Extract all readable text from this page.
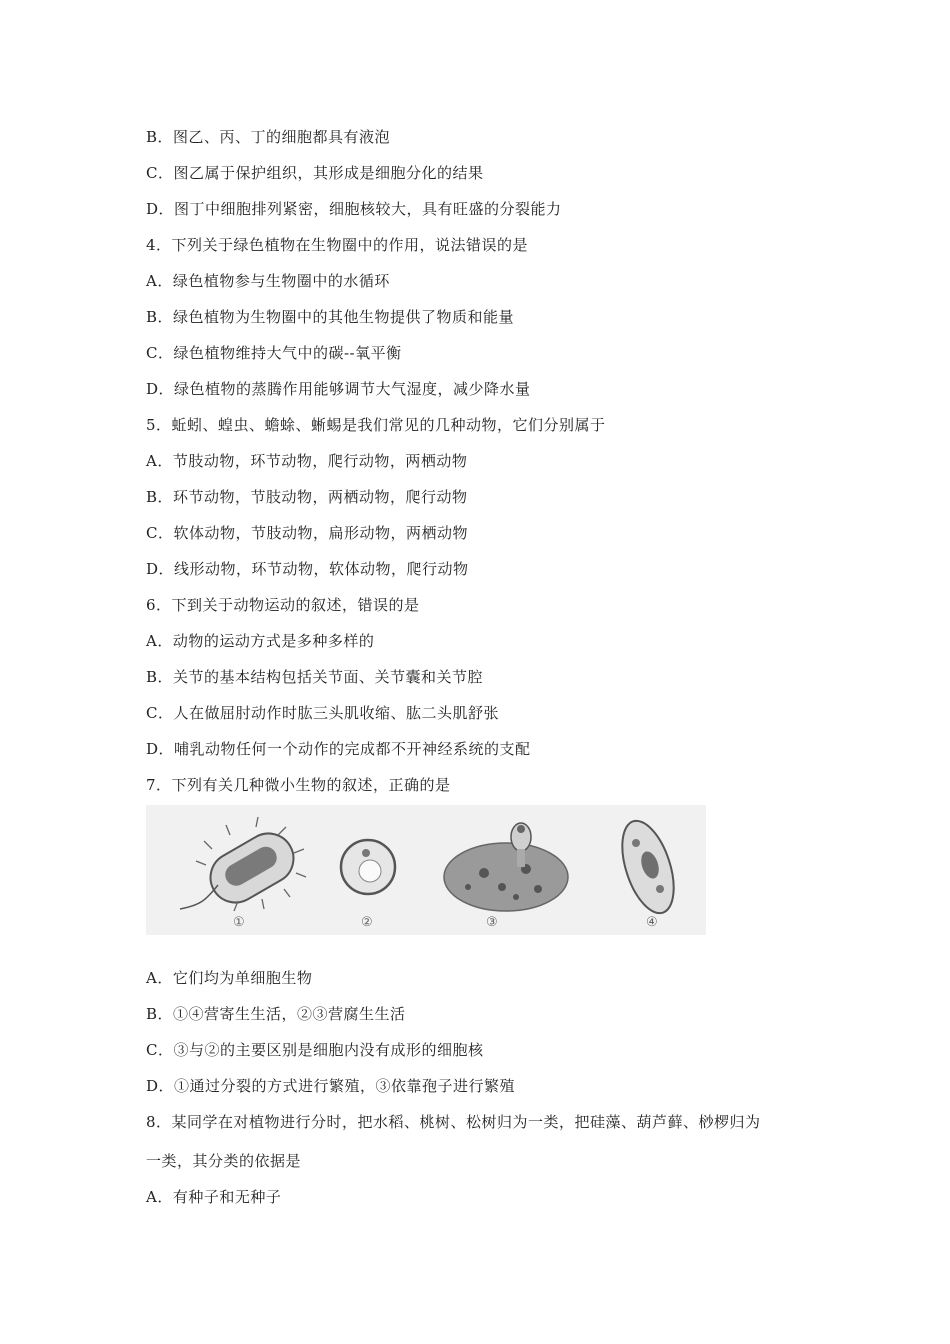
B．图乙、丙、丁的细胞都具有液泡
C．图乙属于保护组织，其形成是细胞分化的结果
D．图丁中细胞排列紧密，细胞核较大，具有旺盛的分裂能力
4．下列关于绿色植物在生物圈中的作用，说法错误的是
A．绿色植物参与生物圈中的水循环
B．绿色植物为生物圈中的其他生物提供了物质和能量
C．绿色植物维持大气中的碳--氧平衡
D．绿色植物的蒸腾作用能够调节大气湿度，减少降水量
5．蚯蚓、蝗虫、蟾蜍、蜥蜴是我们常见的几种动物，它们分别属于
A．节肢动物，环节动物，爬行动物，两栖动物
B．环节动物，节肢动物，两栖动物，爬行动物
C．软体动物，节肢动物，扁形动物，两栖动物
D．线形动物，环节动物，软体动物，爬行动物
6．下到关于动物运动的叙述，错误的是
A．动物的运动方式是多种多样的
B．关节的基本结构包括关节面、关节囊和关节腔
C．人在做屈肘动作时肱三头肌收缩、肱二头肌舒张
D．哺乳动物任何一个动作的完成都不开神经系统的支配
7．下列有关几种微小生物的叙述，正确的是
①	②	③	④
A．它们均为单细胞生物
B．①④营寄生生活，②③营腐生生活
C．③与②的主要区别是细胞内没有成形的细胞核
D．①通过分裂的方式进行繁殖，③依靠孢子进行繁殖
8．某同学在对植物进行分时，把水稻、桃树、松树归为一类，把硅藻、葫芦藓、桫椤归为
一类，其分类的依据是
A．有种子和无种子
